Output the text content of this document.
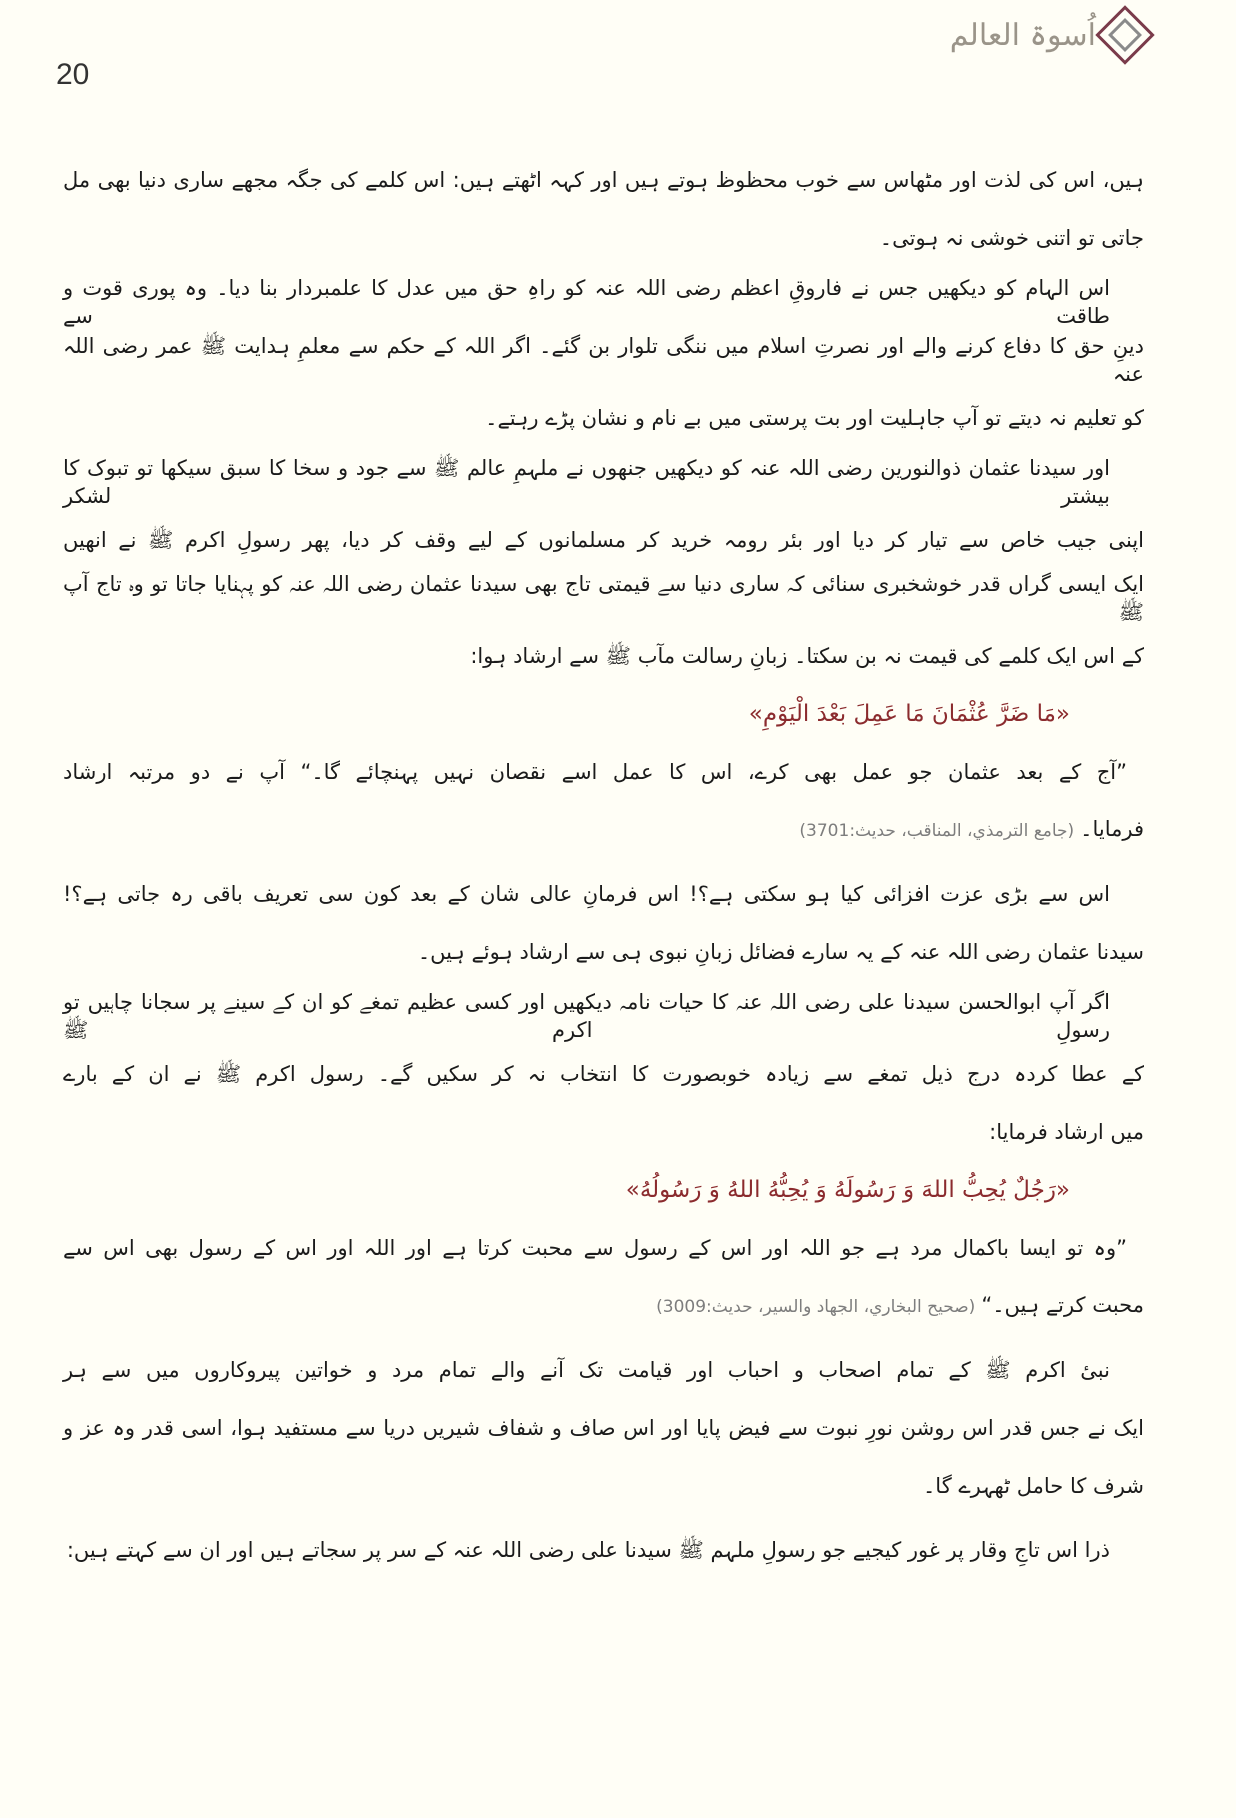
20
اُسوۃ العالم
ہیں، اس کی لذت اور مٹھاس سے خوب محظوظ ہوتے ہیں اور کہہ اٹھتے ہیں: اس کلمے کی جگہ مجھے ساری دنیا بھی مل
جاتی تو اتنی خوشی نہ ہوتی۔
اس الہام کو دیکھیں جس نے فاروقِ اعظم رضی اللہ عنہ کو راہِ حق میں عدل کا علمبردار بنا دیا۔ وہ پوری قوت و طاقت سے
دینِ حق کا دفاع کرنے والے اور نصرتِ اسلام میں ننگی تلوار بن گئے۔ اگر اللہ کے حکم سے معلمِ ہدایت ﷺ عمر رضی اللہ عنہ
کو تعلیم نہ دیتے تو آپ جاہلیت اور بت پرستی میں بے نام و نشان پڑے رہتے۔
اور سیدنا عثمان ذوالنورین رضی اللہ عنہ کو دیکھیں جنھوں نے ملہمِ عالم ﷺ سے جود و سخا کا سبق سیکھا تو تبوک کا بیشتر لشکر
اپنی جیب خاص سے تیار کر دیا اور بئر رومہ خرید کر مسلمانوں کے لیے وقف کر دیا، پھر رسولِ اکرم ﷺ نے انھیں
ایک ایسی گراں قدر خوشخبری سنائی کہ ساری دنیا سے قیمتی تاج بھی سیدنا عثمان رضی اللہ عنہ کو پہنایا جاتا تو وہ تاج آپ ﷺ
کے اس ایک کلمے کی قیمت نہ بن سکتا۔ زبانِ رسالت مآب ﷺ سے ارشاد ہوا:
«مَا ضَرَّ عُثْمَانَ مَا عَمِلَ بَعْدَ الْيَوْمِ»
”آج کے بعد عثمان جو عمل بھی کرے، اس کا عمل اسے نقصان نہیں پہنچائے گا۔“ آپ نے دو مرتبہ ارشاد
فرمایا۔(جامع الترمذي، المناقب، حديث:3701)
اس سے بڑی عزت افزائی کیا ہو سکتی ہے؟! اس فرمانِ عالی شان کے بعد کون سی تعریف باقی رہ جاتی ہے؟!
سیدنا عثمان رضی اللہ عنہ کے یہ سارے فضائل زبانِ نبوی ہی سے ارشاد ہوئے ہیں۔
اگر آپ ابوالحسن سیدنا علی رضی اللہ عنہ کا حیات نامہ دیکھیں اور کسی عظیم تمغے کو ان کے سینے پر سجانا چاہیں تو رسولِ اکرم ﷺ
کے عطا کردہ درج ذیل تمغے سے زیادہ خوبصورت کا انتخاب نہ کر سکیں گے۔ رسول اکرم ﷺ نے ان کے بارے
میں ارشاد فرمایا:
«رَجُلٌ يُحِبُّ اللهَ وَ رَسُولَهُ وَ يُحِبُّهُ اللهُ وَ رَسُولُهُ»
”وہ تو ایسا باکمال مرد ہے جو اللہ اور اس کے رسول سے محبت کرتا ہے اور اللہ اور اس کے رسول بھی اس سے
محبت کرتے ہیں۔“(صحيح البخاري، الجهاد والسير، حديث:3009)
نبیٔ اکرم ﷺ کے تمام اصحاب و احباب اور قیامت تک آنے والے تمام مرد و خواتین پیروکاروں میں سے ہر
ایک نے جس قدر اس روشن نورِ نبوت سے فیض پایا اور اس صاف و شفاف شیریں دریا سے مستفید ہوا، اسی قدر وہ عز و
شرف کا حامل ٹھہرے گا۔
ذرا اس تاجِ وقار پر غور کیجیے جو رسولِ ملہم ﷺ سیدنا علی رضی اللہ عنہ کے سر پر سجاتے ہیں اور ان سے کہتے ہیں:
